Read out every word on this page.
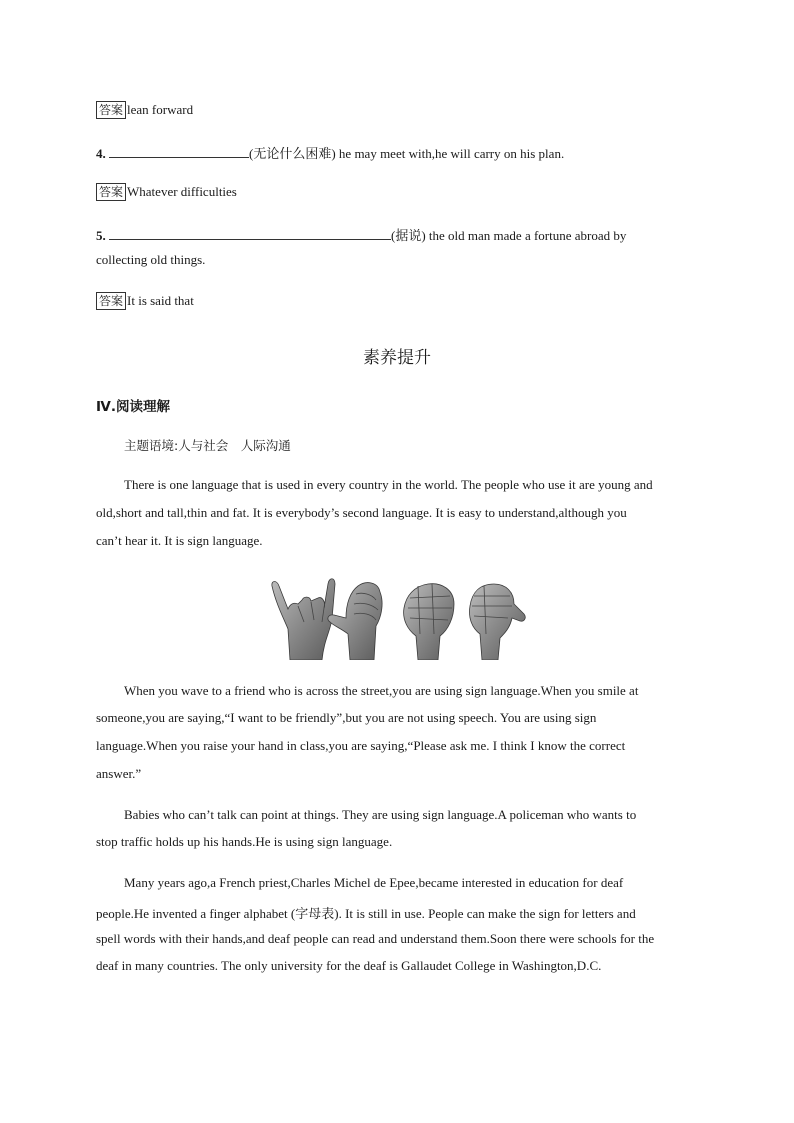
答案 lean forward
4.	(无论什么困难) he may meet with,he will carry on his plan.
答案 Whatever difficulties
5.	(据说) the old man made a fortune abroad by
collecting old things.
答案 It is said that
素养提升
Ⅳ.阅读理解
主题语境:人与社会　人际沟通

There is one language that is used in every country in the world. The people who use it are young and

old,short and tall,thin and fat. It is everybody’s second language. It is easy to understand,although you

can’t hear it. It is sign language.

When you wave to a friend who is across the street,you are using sign language.When you smile at

someone,you are saying,“I want to be friendly”,but you are not using speech. You are using sign

language.When you raise your hand in class,you are saying,“Please ask me. I think I know the correct

answer.”

Babies who can’t talk can point at things. They are using sign language.A policeman who wants to

stop traffic holds up his hands.He is using sign language.

Many years ago,a French priest,Charles Michel de Epee,became interested in education for deaf

people.He invented a finger alphabet (字母表). It is still in use. People can make the sign for letters and

spell words with their hands,and deaf people can read and understand them.Soon there were schools for the

deaf in many countries. The only university for the deaf is Gallaudet College in Washington,D.C.
